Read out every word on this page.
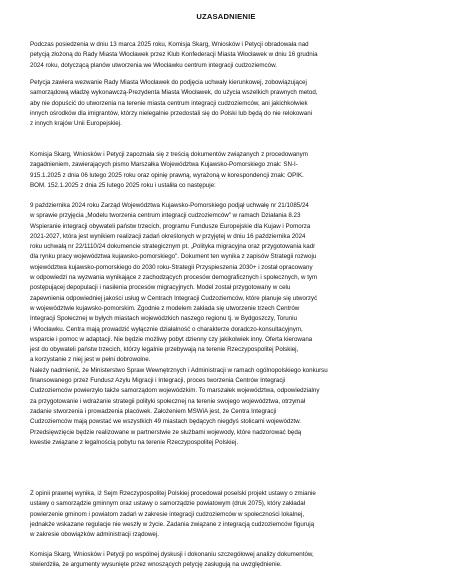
UZASADNIENIE
Podczas posiedzenia w dniu 13 marca 2025 roku, Komisja Skarg, Wniosków i Petycji obradowała nad
petycją złożoną do Rady Miasta Włocławek przez Klub Konfederacji Miasta Włocławek w dniu 16 grudnia
2024 roku, dotyczącą planów utworzenia we Włocławku centrum integracji cudzoziemców.
Petycja zawiera wezwanie Rady Miasta Włocławek do podjęcia uchwały kierunkowej, zobowiązującej
samorządową władzę wykonawczą-Prezydenta Miasta Włocławek, do użycia wszelkich prawnych metod,
aby nie dopuścić do utworzenia na terenie miasta centrum integracji cudzoziemców, ani jakichkolwiek
innych ośrodków dla imigrantów, którzy nielegalnie przedostali się do Polski lub będą do nie relokowani
z innych krajów Unii Europejskiej.
Komisja Skarg, Wniosków i Petycji zapoznała się z treścią dokumentów związanych z procedowanym
zagadnieniem, zawierających pismo Marszałka Województwa Kujawsko-Pomorskiego znak: SN-I-
915.1.2025 z dnia 06 lutego 2025 roku oraz opinię prawną, wyrażoną w korespondencji znak: OPIK.
BOM. 152.1.2025 z dnia 25 lutego 2025 roku i ustaliła co następuje:
9 października 2024 roku Zarząd Województwa Kujawsko-Pomorskiego podjął uchwałę nr 21/1085/24
w sprawie przyjęcia „Modelu tworzenia centrum integracji cudzoziemców" w ramach Działania 8.23
Wspieranie integracji obywateli państw trzecich, programu Fundusze Europejskie dla Kujaw i Pomorza
2021-2027, która jest wynikiem realizacji zadań określonych w przyjętej w dniu 16 października 2024
roku uchwałą nr 22/1110/24 dokumencie strategicznym pt. „Polityka migracyjna oraz przygotowania kadr
dla rynku pracy województwa kujawsko-pomorskiego". Dokument ten wynika z zapisów Strategii rozwoju
województwa kujawsko-pomorskiego do 2030 roku-Strategii Przyspieszenia 2030+ i został opracowany
w odpowiedzi na wyzwania wynikające z zachodzących procesów demograficznych i społecznych, w tym
postępującej depopulacji i nasilenia procesów migracyjnych. Model został przygotowany w celu
zapewnienia odpowiedniej jakości usług w Centrach Integracji Cudzoziemców, które planuje się utworzyć
w województwie kujawsko-pomorskim. Zgodnie z modelem zakłada się utworzenie trzech Centrów
Integracji Społecznej w byłych miastach wojewódzkich naszego regionu tj. w Bydgoszczy, Toruniu
i Włocławku. Centra mają prowadzić wyłącznie działalność o charakterze doradczo-konsultacyjnym,
wsparcie i pomoc w adaptacji. Nie będzie możliwy pobyt dzienny czy jakikolwiek inny. Oferta kierowana
jest do obywateli państw trzecich, którzy legalnie przebywają na terenie Rzeczypospolitej Polskiej,
a korzystanie z niej jest w pełni dobrowolne.
Należy nadmienić, że Ministerstwo Spraw Wewnętrznych i Administracji w ramach ogólnopolskiego konkursu
finansowanego przez Fundusz Azylu Migracji i Integracji, proces tworzenia Centrów Integracji
Cudzoziemców powierzyło także samorządom wojewódzkim. To marszałek województwa, odpowiedzialny
za przygotowanie i wdrażanie strategii polityki społecznej na terenie swojego województwa, otrzymał
zadanie stworzenia i prowadzenia placówek. Założeniem MSWiA jest, że Centra Integracji
Cudzoziemców mają powstać we wszystkich 49 miastach będących niegdyś stolicami województw.
Przedsięwzięcie będzie realizowane w partnerstwie ze służbami wojewody, które nadzorować będą
kwestie związane z legalnością pobytu na terenie Rzeczypospolitej Polskiej.
Z opinii prawnej wynika, iż Sejm Rzeczypospolitej Polskiej procedował poselski projekt ustawy o zmianie
ustawy o samorządzie gminnym oraz ustawy o samorządzie powiatowym (druk 2075), który zakładał
powierzenie gminom i powiatom zadań w zakresie integracji cudzoziemców w społeczności lokalnej,
jednakże wskazane regulacje nie weszły w życie. Zadania związane z integracją cudzoziemców figurują
w zakresie obowiązków administracji rządowej.
Komisja Skarg, Wniosków i Petycji po wspólnej dyskusji i dokonaniu szczegółowej analizy dokumentów,
stwierdziła, że argumenty wysunięte przez wnoszących petycję zasługują na uwzględnienie.
